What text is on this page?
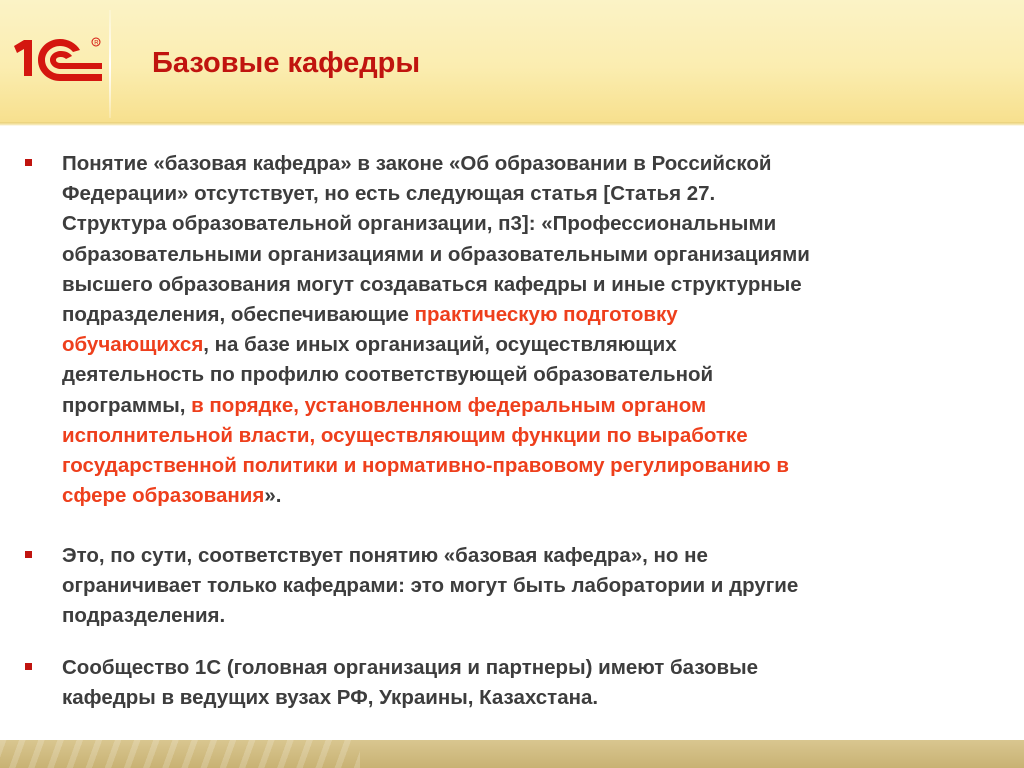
R
Базовые кафедры

Понятие «базовая кафедра» в законе «Об образовании в Российской
Федерации» отсутствует, но есть следующая статья [Статья 27.
Структура образовательной организации, п3]: «Профессиональными
образовательными организациями и образовательными организациями
высшего образования могут создаваться кафедры и иные структурные
подразделения, обеспечивающие практическую подготовку
обучающихся, на базе иных организаций, осуществляющих
деятельность по профилю соответствующей образовательной
программы, в порядке, установленном федеральным органом
исполнительной власти, осуществляющим функции по выработке
государственной политики и нормативно-правовому регулированию в
сфере образования».

Это, по сути, соответствует понятию «базовая кафедра», но не
ограничивает только кафедрами: это могут быть лаборатории и другие
подразделения.

Сообщество 1С (головная организация и партнеры) имеют базовые
кафедры в ведущих вузах РФ, Украины, Казахстана.
